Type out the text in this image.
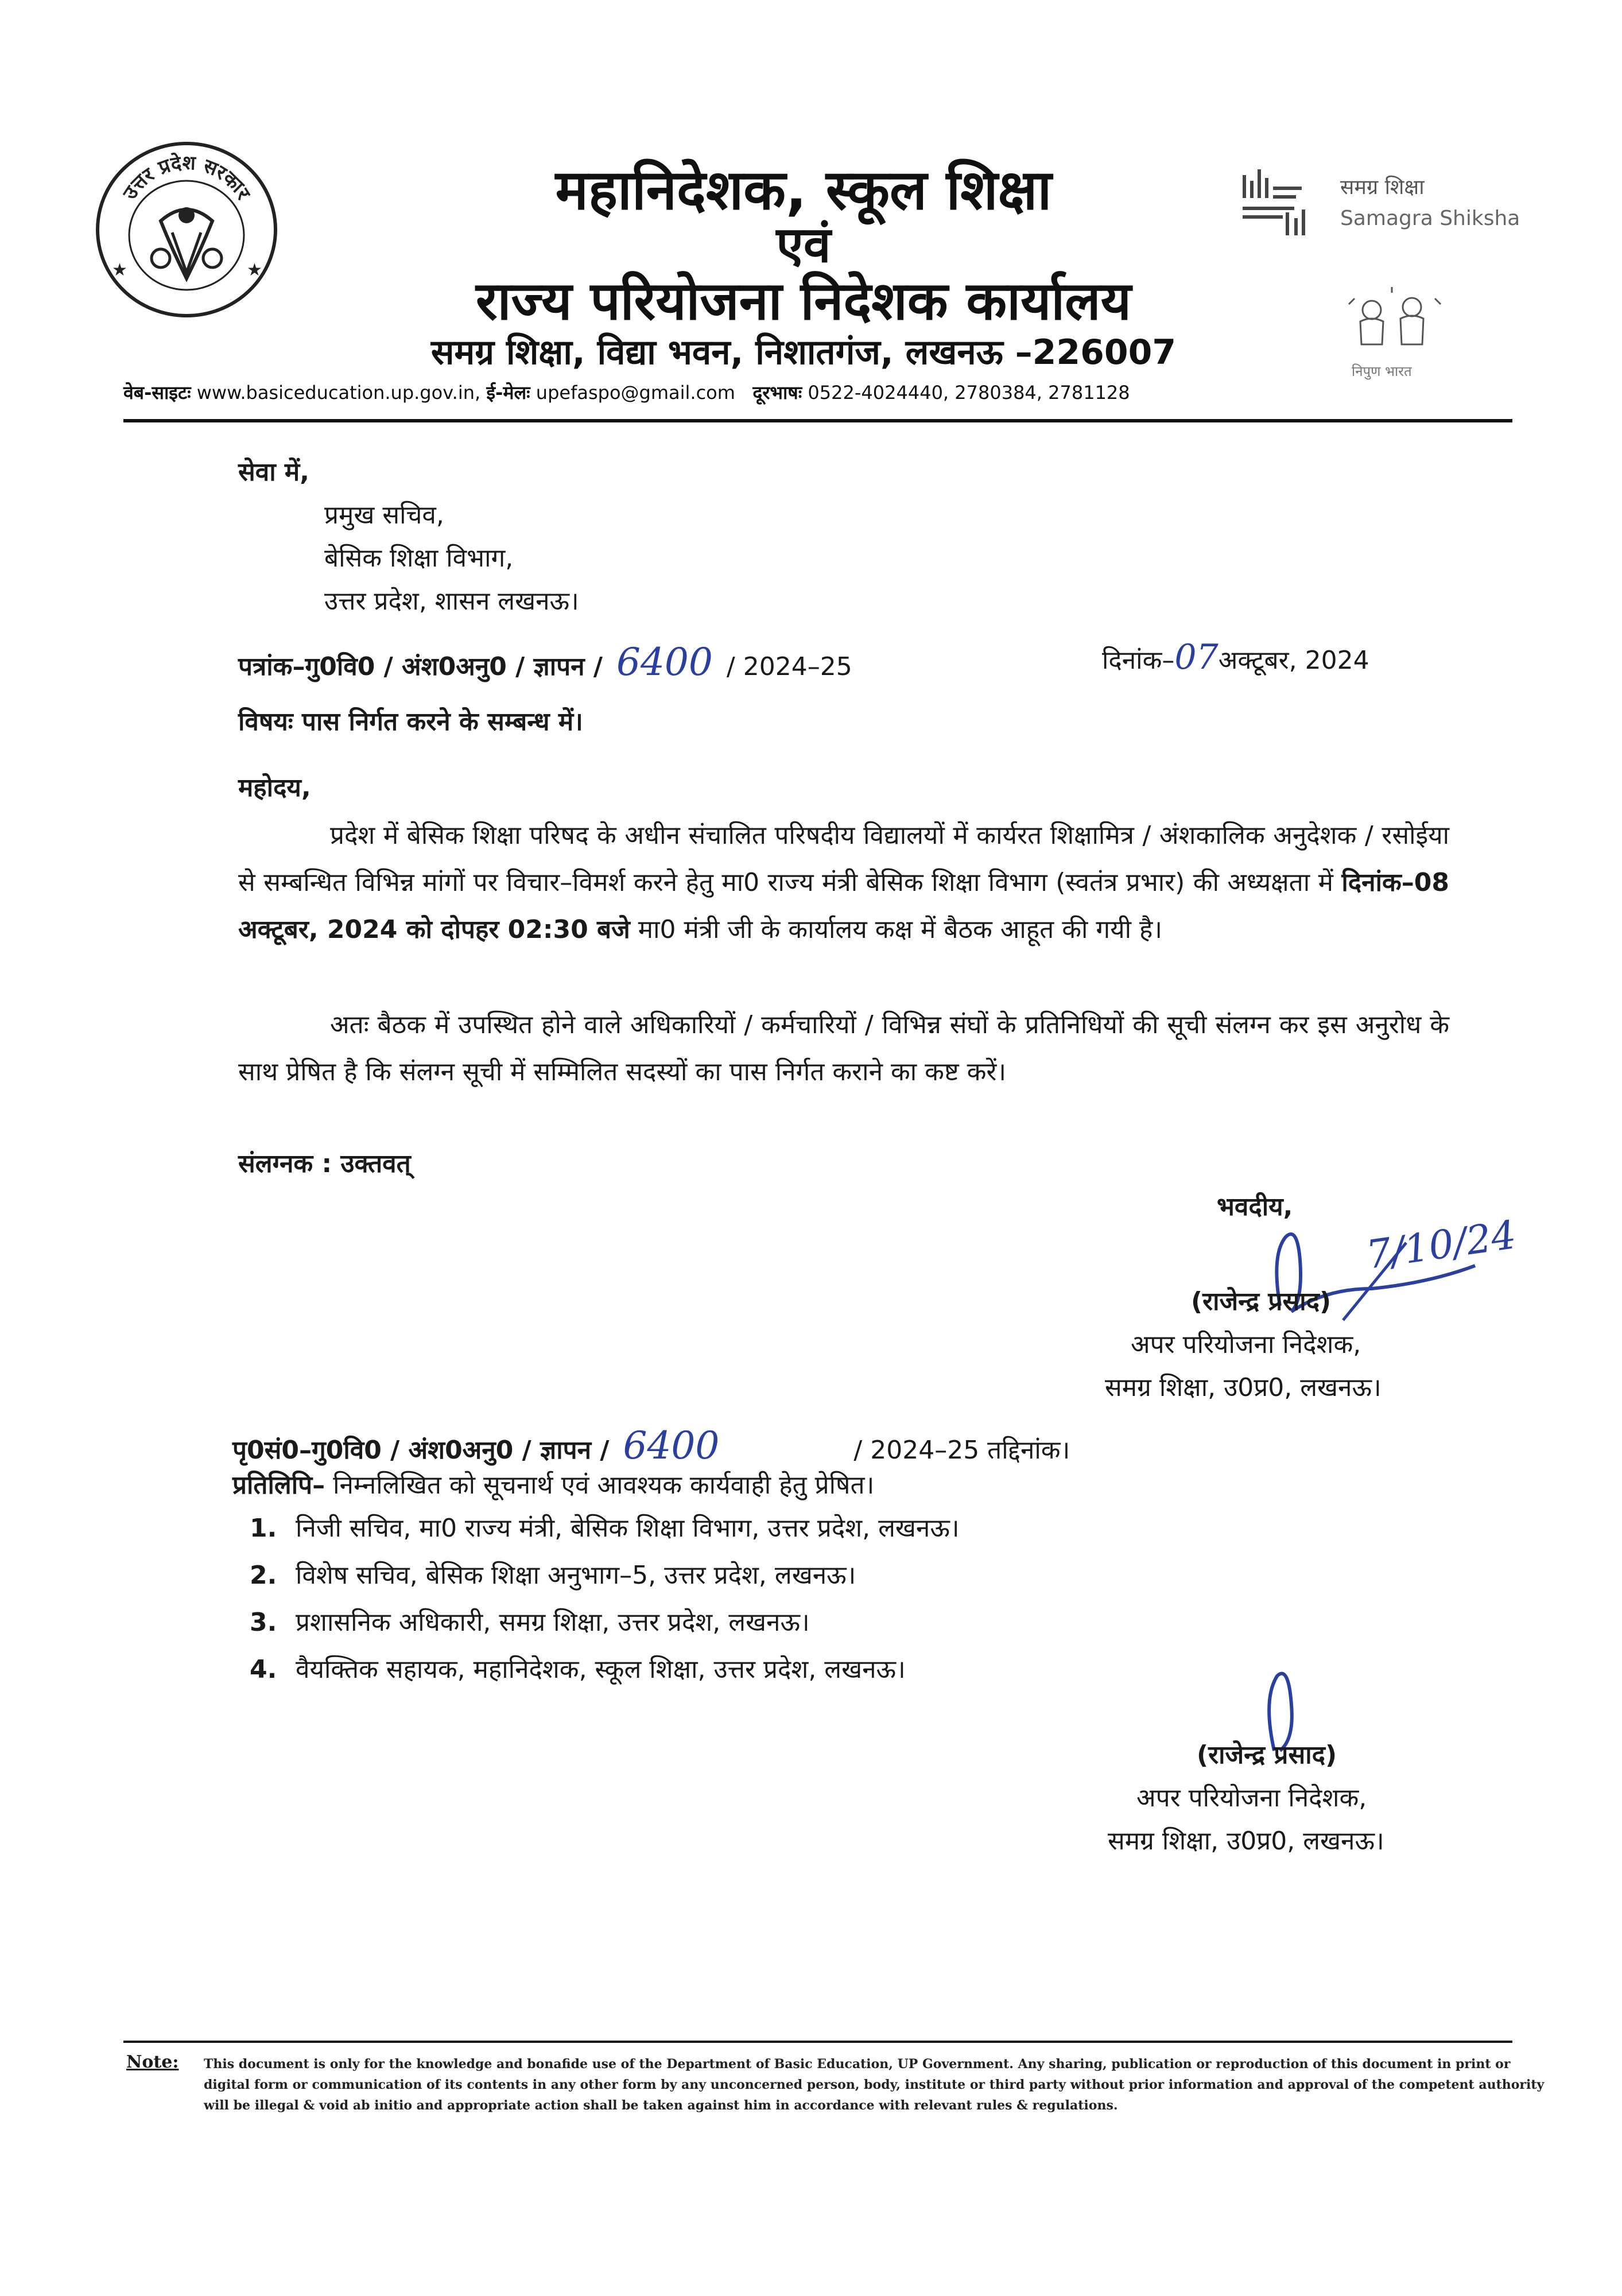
उत्तर प्रदेश सरकार
★	★
महानिदेशक, स्कूल शिक्षा
एवं
राज्य परियोजना निदेशक कार्यालय
समग्र शिक्षा, विद्या भवन, निशातगंज, लखनऊ –226007
समग्र शिक्षा
Samagra Shiksha
निपुण भारत
वेब-साइटः www.basiceducation.up.gov.in, ई-मेलः upefaspo@gmail.com दूरभाषः 0522-4024440, 2780384, 2781128
सेवा में,
प्रमुख सचिव,
बेसिक शिक्षा विभाग,
उत्तर प्रदेश, शासन लखनऊ।
पत्रांक–गु0वि0 / अंश0अनु0 / ज्ञापन / 6400 / 2024–25	दिनांक–07अक्टूबर, 2024
विषयः पास निर्गत करने के सम्बन्ध में।
महोदय,
प्रदेश में बेसिक शिक्षा परिषद के अधीन संचालित परिषदीय विद्यालयों में कार्यरत शिक्षामित्र / अंशकालिक अनुदेशक / रसोईया से सम्बन्धित विभिन्न मांगों पर विचार–विमर्श करने हेतु मा0 राज्य मंत्री बेसिक शिक्षा विभाग (स्वतंत्र प्रभार) की अध्यक्षता में दिनांक–08 अक्टूबर, 2024 को दोपहर 02:30 बजे मा0 मंत्री जी के कार्यालय कक्ष में बैठक आहूत की गयी है।
अतः बैठक में उपस्थित होने वाले अधिकारियों / कर्मचारियों / विभिन्न संघों के प्रतिनिधियों की सूची संलग्न कर इस अनुरोध के साथ प्रेषित है कि संलग्न सूची में सम्मिलित सदस्यों का पास निर्गत कराने का कष्ट करें।
संलग्नक : उक्तवत्
भवदीय,
7/10/24
(राजेन्द्र प्रसाद)
अपर परियोजना निदेशक,
समग्र शिक्षा, उ0प्र0, लखनऊ।
पृ0सं0–गु0वि0 / अंश0अनु0 / ज्ञापन / 6400	/ 2024–25 तद्दिनांक।
प्रतिलिपि– निम्नलिखित को सूचनार्थ एवं आवश्यक कार्यवाही हेतु प्रेषित।
1. निजी सचिव, मा0 राज्य मंत्री, बेसिक शिक्षा विभाग, उत्तर प्रदेश, लखनऊ।
2. विशेष सचिव, बेसिक शिक्षा अनुभाग–5, उत्तर प्रदेश, लखनऊ।
3. प्रशासनिक अधिकारी, समग्र शिक्षा, उत्तर प्रदेश, लखनऊ।
4. वैयक्तिक सहायक, महानिदेशक, स्कूल शिक्षा, उत्तर प्रदेश, लखनऊ।
(राजेन्द्र प्रसाद)
अपर परियोजना निदेशक,
समग्र शिक्षा, उ0प्र0, लखनऊ।
Note: This document is only for the knowledge and bonafide use of the Department of Basic Education, UP Government. Any sharing, publication or reproduction of this document in print or digital form or communication of its contents in any other form by any unconcerned person, body, institute or third party without prior information and approval of the competent authority will be illegal & void ab initio and appropriate action shall be taken against him in accordance with relevant rules & regulations.
